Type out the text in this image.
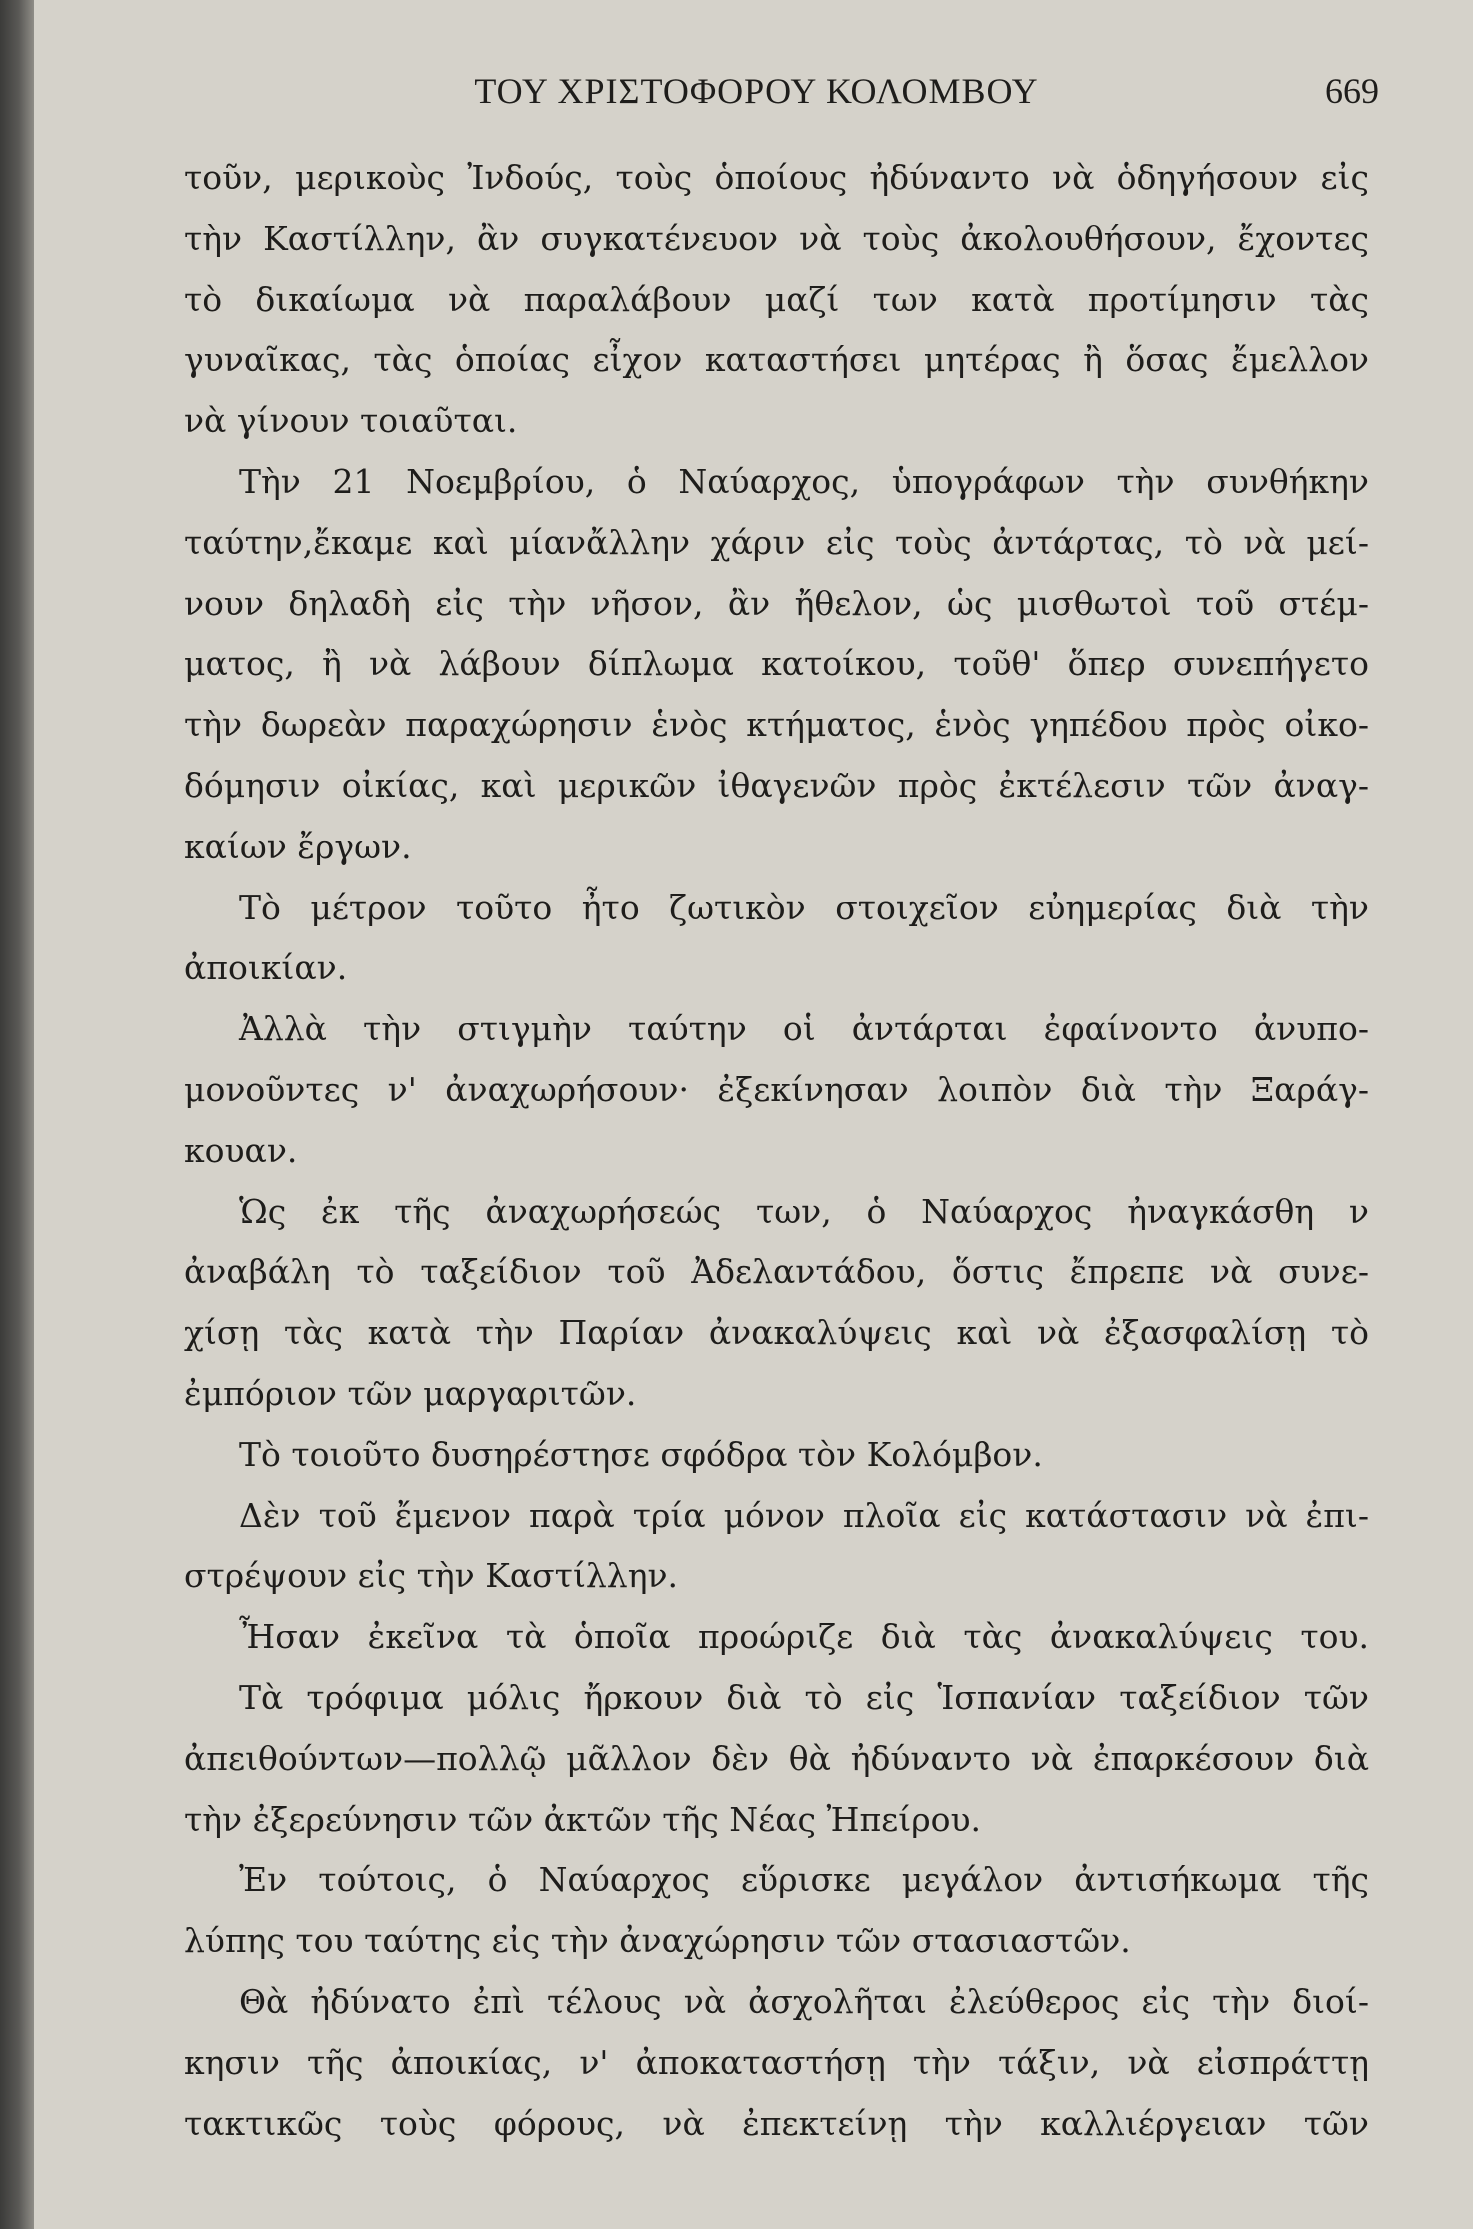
ΤΟΥ ΧΡΙΣΤΟΦΟΡΟΥ ΚΟΛΟΜΒΟΥ	669
τοῦν, μερικοὺς Ἰνδούς, τοὺς ὁποίους ἠδύναντο νὰ ὁδηγήσουν εἰς
τὴν Καστίλλην, ἂν συγκατένευον νὰ τοὺς ἀκολουθήσουν, ἔχοντες
τὸ δικαίωμα νὰ παραλάβουν μαζί των κατὰ προτίμησιν τὰς
γυναῖκας, τὰς ὁποίας εἶχον καταστήσει μητέρας ἢ ὅσας ἔμελλον
νὰ γίνουν τοιαῦται.
Τὴν 21 Νοεμβρίου, ὁ Ναύαρχος, ὑπογράφων τὴν συνθήκην
ταύτην,ἔκαμε καὶ μίανἄλλην χάριν εἰς τοὺς ἀντάρτας, τὸ νὰ μεί-
νουν δηλαδὴ εἰς τὴν νῆσον, ἂν ἤθελον, ὡς μισθωτοὶ τοῦ στέμ-
ματος, ἢ νὰ λάβουν δίπλωμα κατοίκου, τοῦθ' ὅπερ συνεπήγετο
τὴν δωρεὰν παραχώρησιν ἑνὸς κτήματος, ἑνὸς γηπέδου πρὸς οἰκο-
δόμησιν οἰκίας, καὶ μερικῶν ἰθαγενῶν πρὸς ἐκτέλεσιν τῶν ἀναγ-
καίων ἔργων.
Τὸ μέτρον τοῦτο ἦτο ζωτικὸν στοιχεῖον εὐημερίας διὰ τὴν
ἀποικίαν.
Ἀλλὰ τὴν στιγμὴν ταύτην οἱ ἀντάρται ἐφαίνοντο ἀνυπο-
μονοῦντες ν' ἀναχωρήσουν· ἐξεκίνησαν λοιπὸν διὰ τὴν Ξαράγ-
κουαν.
Ὡς ἐκ τῆς ἀναχωρήσεώς των, ὁ Ναύαρχος ἠναγκάσθη ν
ἀναβάλη τὸ ταξείδιον τοῦ Ἀδελαντάδου, ὅστις ἔπρεπε νὰ συνε-
χίσῃ τὰς κατὰ τὴν Παρίαν ἀνακαλύψεις καὶ νὰ ἐξασφαλίσῃ τὸ
ἐμπόριον τῶν μαργαριτῶν.
Τὸ τοιοῦτο δυσηρέστησε σφόδρα τὸν Κολόμβον.
Δὲν τοῦ ἔμενον παρὰ τρία μόνον πλοῖα εἰς κατάστασιν νὰ ἐπι-
στρέψουν εἰς τὴν Καστίλλην.
Ἦσαν ἐκεῖνα τὰ ὁποῖα προώριζε διὰ τὰς ἀνακαλύψεις του.
Τὰ τρόφιμα μόλις ἤρκουν διὰ τὸ εἰς Ἱσπανίαν ταξείδιον τῶν
ἀπειθούντων—πολλῷ μᾶλλον δὲν θὰ ἠδύναντο νὰ ἐπαρκέσουν διὰ
τὴν ἐξερεύνησιν τῶν ἀκτῶν τῆς Νέας Ἠπείρου.
Ἐν τούτοις, ὁ Ναύαρχος εὕρισκε μεγάλον ἀντισήκωμα τῆς
λύπης του ταύτης εἰς τὴν ἀναχώρησιν τῶν στασιαστῶν.
Θὰ ἠδύνατο ἐπὶ τέλους νὰ ἀσχολῆται ἐλεύθερος εἰς τὴν διοί-
κησιν τῆς ἀποικίας, ν' ἀποκαταστήσῃ τὴν τάξιν, νὰ εἰσπράττῃ
τακτικῶς τοὺς φόρους, νὰ ἐπεκτείνῃ τὴν καλλιέργειαν τῶν
